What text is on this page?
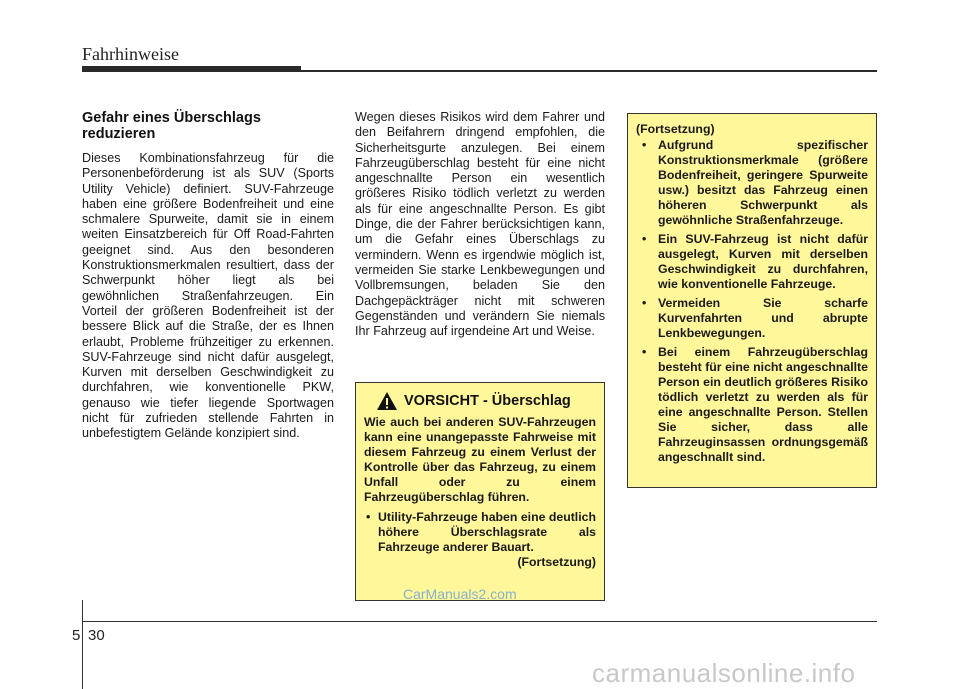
Fahrhinweise
Gefahr eines Überschlags reduzieren

Dieses Kombinationsfahrzeug für die Personenbeförderung ist als SUV (Sports Utility Vehicle) definiert. SUV-Fahrzeuge haben eine größere Bodenfreiheit und eine schmalere Spurweite, damit sie in einem weiten Einsatzbereich für Off Road-Fahrten geeignet sind. Aus den besonderen Konstruktionsmerkmalen resultiert, dass der Schwerpunkt höher liegt als bei gewöhnlichen Straßenfahrzeugen. Ein Vorteil der größeren Bodenfreiheit ist der bessere Blick auf die Straße, der es Ihnen erlaubt, Probleme frühzeitiger zu erkennen. SUV-Fahrzeuge sind nicht dafür ausgelegt, Kurven mit derselben Geschwindigkeit zu durchfahren, wie konventionelle PKW, genauso wie tiefer liegende Sportwagen nicht für zufrieden stellende Fahrten in unbefestigtem Gelände konzipiert sind.

Wegen dieses Risikos wird dem Fahrer und den Beifahrern dringend empfohlen, die Sicherheitsgurte anzulegen. Bei einem Fahrzeugüberschlag besteht für eine nicht angeschnallte Person ein wesentlich größeres Risiko tödlich verletzt zu werden als für eine angeschnallte Person. Es gibt Dinge, die der Fahrer berücksichtigen kann, um die Gefahr eines Überschlags zu vermindern. Wenn es irgendwie möglich ist, vermeiden Sie starke Lenkbewegungen und Vollbremsungen, beladen Sie den Dachgepäckträger nicht mit schweren Gegenständen und verändern Sie niemals Ihr Fahrzeug auf irgendeine Art und Weise.

VORSICHT - Überschlag

Wie auch bei anderen SUV-Fahrzeugen kann eine unangepasste Fahrweise mit diesem Fahrzeug zu einem Verlust der Kontrolle über das Fahrzeug, zu einem Unfall oder zu einem Fahrzeugüberschlag führen.

• Utility-Fahrzeuge haben eine deutlich höhere Überschlagsrate als Fahrzeuge anderer Bauart.
(Fortsetzung)
(Fortsetzung)
• Aufgrund spezifischer Konstruktionsmerkmale (größere Bodenfreiheit, geringere Spurweite usw.) besitzt das Fahrzeug einen höheren Schwerpunkt als gewöhnliche Straßenfahrzeuge.
• Ein SUV-Fahrzeug ist nicht dafür ausgelegt, Kurven mit derselben Geschwindigkeit zu durchfahren, wie konventionelle Fahrzeuge.
• Vermeiden Sie scharfe Kurvenfahrten und abrupte Lenkbewegungen.
• Bei einem Fahrzeugüberschlag besteht für eine nicht angeschnallte Person ein deutlich größeres Risiko tödlich verletzt zu werden als für eine angeschnallte Person. Stellen Sie sicher, dass alle Fahrzeuginsassen ordnungsgemäß angeschnallt sind.
CarManuals2.com
5 30
carmanualsonline.info
